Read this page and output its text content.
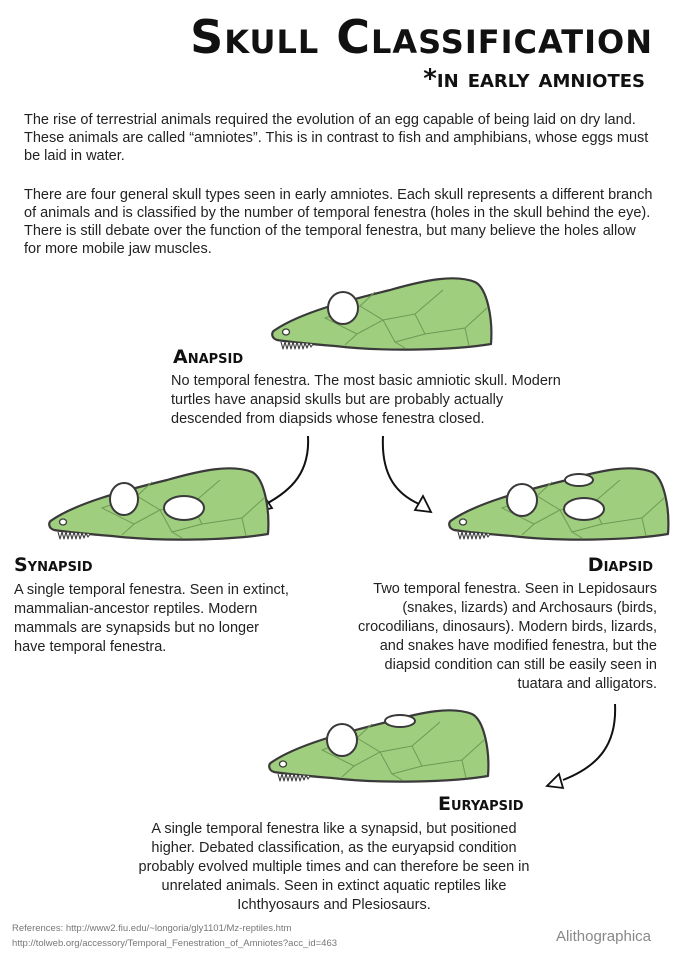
Skull Classification
*in early amniotes

The rise of terrestrial animals required the evolution of an egg capable of being laid on dry land. These animals are called “amniotes”. This is in contrast to fish and amphibians, whose eggs must be laid in water.

There are four general skull types seen in early amniotes. Each skull represents a different branch of animals and is classified by the number of temporal fenestra (holes in the skull behind the eye). There is still debate over the function of the temporal fenestra, but many believe the holes allow for more mobile jaw muscles.

Anapsid

No temporal fenestra. The most basic amniotic skull. Modern turtles have anapsid skulls but are probably actually descended from diapsids whose fenestra closed.

Synapsid

A single temporal fenestra. Seen in extinct, mammalian-ancestor reptiles. Modern mammals are synapsids but no longer have temporal fenestra.

Diapsid

Two temporal fenestra. Seen in Lepidosaurs (snakes, lizards) and Archosaurs (birds, crocodilians, dinosaurs). Modern birds, lizards, and snakes have modified fenestra, but the diapsid condition can still be easily seen in tuatara and alligators.

Euryapsid

A single temporal fenestra like a synapsid, but positioned higher. Debated classification, as the euryapsid condition probably evolved multiple times and can therefore be seen in unrelated animals. Seen in extinct aquatic reptiles like Ichthyosaurs and Plesiosaurs.

References: http://www2.fiu.edu/~longoria/gly1101/Mz-reptiles.htm
http://tolweb.org/accessory/Temporal_Fenestration_of_Amniotes?acc_id=463	Alithographica
